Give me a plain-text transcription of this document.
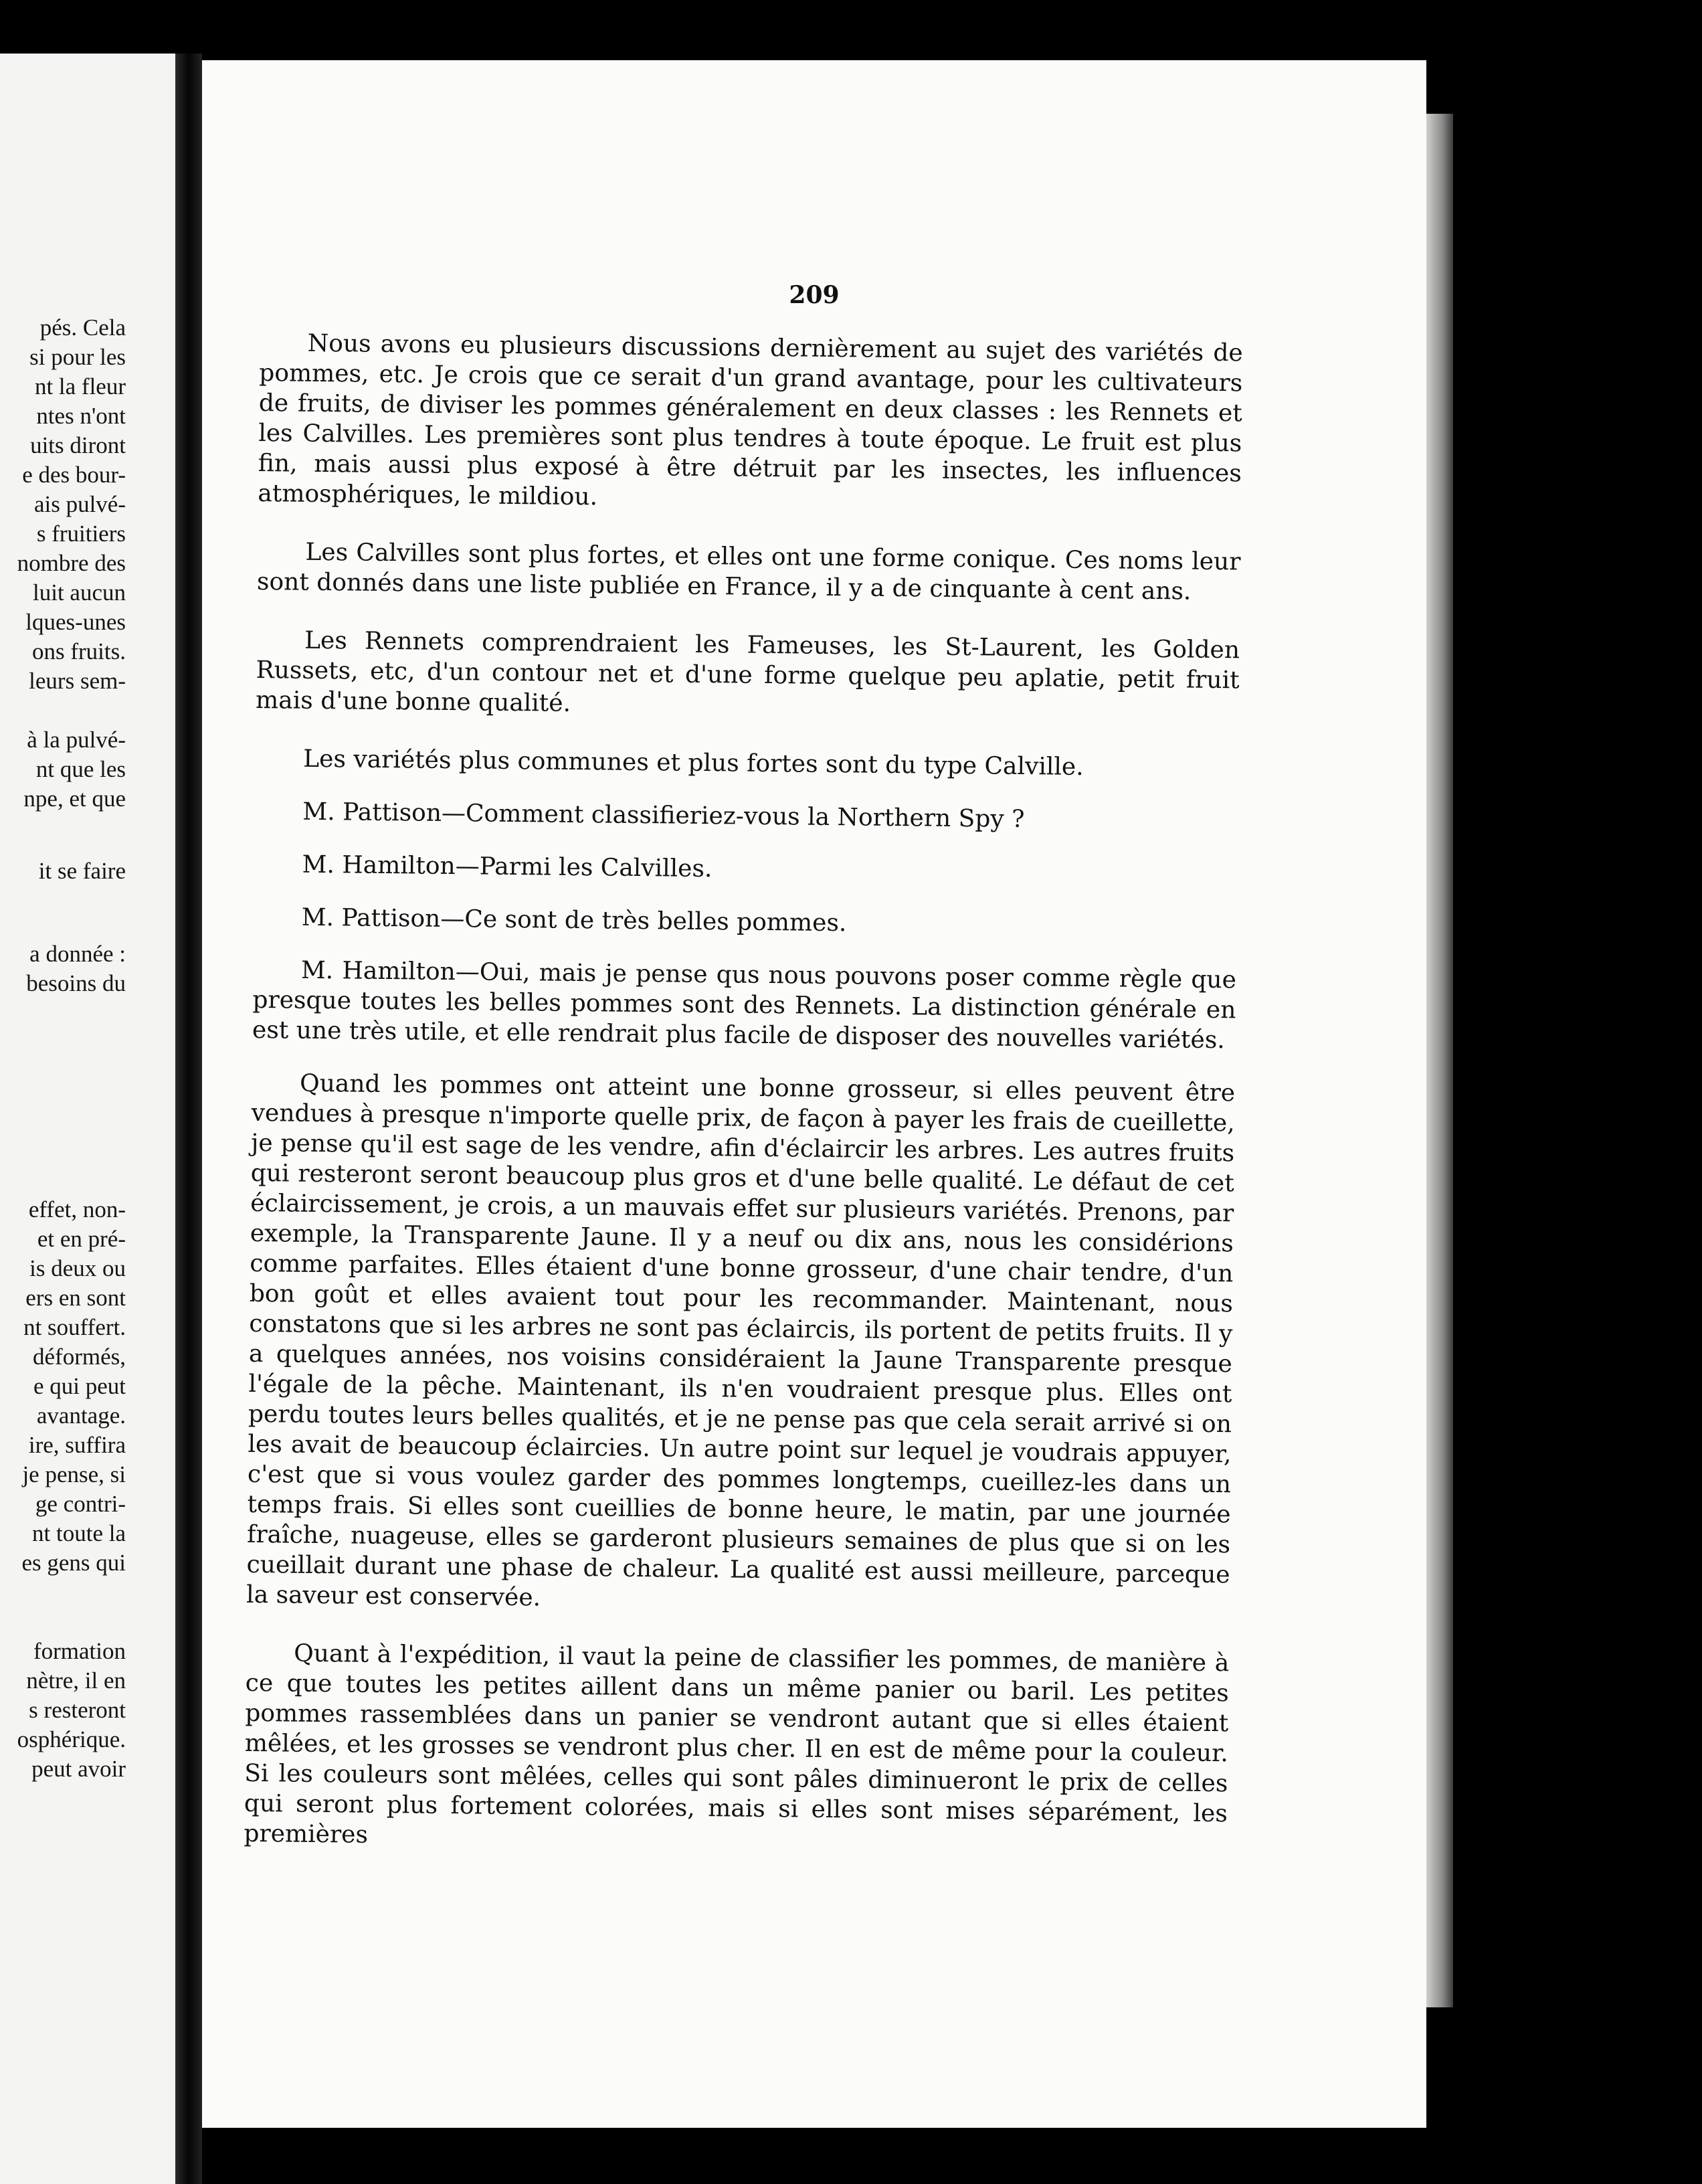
pés. Cela
si pour les
nt la fleur
ntes n'ont
uits diront
e des bour-
ais pulvé-
s fruitiers
nombre des
luit aucun
lques-unes
ons fruits.
leurs sem-
à la pulvé-
nt que les
npe, et que
it se faire
a donnée :
besoins du
effet, non-
et en pré-
is deux ou
ers en sont
nt souffert.
déformés,
e qui peut
avantage.
ire, suffira
je pense, si
ge contri-
nt toute la
es gens qui
formation
nètre, il en
s resteront
osphérique.
peut avoir
209

Nous avons eu plusieurs discussions dernièrement au sujet des variétés de pommes, etc. Je crois que ce serait d'un grand avantage, pour les cultivateurs de fruits, de diviser les pommes généralement en deux classes : les Rennets et les Calvilles. Les premières sont plus tendres à toute époque. Le fruit est plus fin, mais aussi plus exposé à être détruit par les insectes, les influences atmosphériques, le mildiou.

Les Calvilles sont plus fortes, et elles ont une forme conique. Ces noms leur sont donnés dans une liste publiée en France, il y a de cinquante à cent ans.

Les Rennets comprendraient les Fameuses, les St-Laurent, les Golden Russets, etc, d'un contour net et d'une forme quelque peu aplatie, petit fruit mais d'une bonne qualité.

Les variétés plus communes et plus fortes sont du type Calville.

M. Pattison—Comment classifieriez-vous la Northern Spy ?

M. Hamilton—Parmi les Calvilles.

M. Pattison—Ce sont de très belles pommes.

M. Hamilton—Oui, mais je pense qus nous pouvons poser comme règle que presque toutes les belles pommes sont des Rennets. La distinction générale en est une très utile, et elle rendrait plus facile de disposer des nouvelles variétés.

Quand les pommes ont atteint une bonne grosseur, si elles peuvent être vendues à presque n'importe quelle prix, de façon à payer les frais de cueillette, je pense qu'il est sage de les vendre, afin d'éclaircir les arbres. Les autres fruits qui resteront seront beaucoup plus gros et d'une belle qualité. Le défaut de cet éclaircissement, je crois, a un mauvais effet sur plusieurs variétés. Prenons, par exemple, la Transparente Jaune. Il y a neuf ou dix ans, nous les considérions comme parfaites. Elles étaient d'une bonne grosseur, d'une chair tendre, d'un bon goût et elles avaient tout pour les recommander. Maintenant, nous constatons que si les arbres ne sont pas éclaircis, ils portent de petits fruits. Il y a quelques années, nos voisins considéraient la Jaune Transparente presque l'égale de la pêche. Maintenant, ils n'en voudraient presque plus. Elles ont perdu toutes leurs belles qualités, et je ne pense pas que cela serait arrivé si on les avait de beaucoup éclaircies. Un autre point sur lequel je voudrais appuyer, c'est que si vous voulez garder des pommes longtemps, cueillez-les dans un temps frais. Si elles sont cueillies de bonne heure, le matin, par une journée fraîche, nuageuse, elles se garderont plusieurs semaines de plus que si on les cueillait durant une phase de chaleur. La qualité est aussi meilleure, parceque la saveur est conservée.

Quant à l'expédition, il vaut la peine de classifier les pommes, de manière à ce que toutes les petites aillent dans un même panier ou baril. Les petites pommes rassemblées dans un panier se vendront autant que si elles étaient mêlées, et les grosses se vendront plus cher. Il en est de même pour la couleur. Si les couleurs sont mêlées, celles qui sont pâles diminueront le prix de celles qui seront plus fortement colorées, mais si elles sont mises séparément, les premières
